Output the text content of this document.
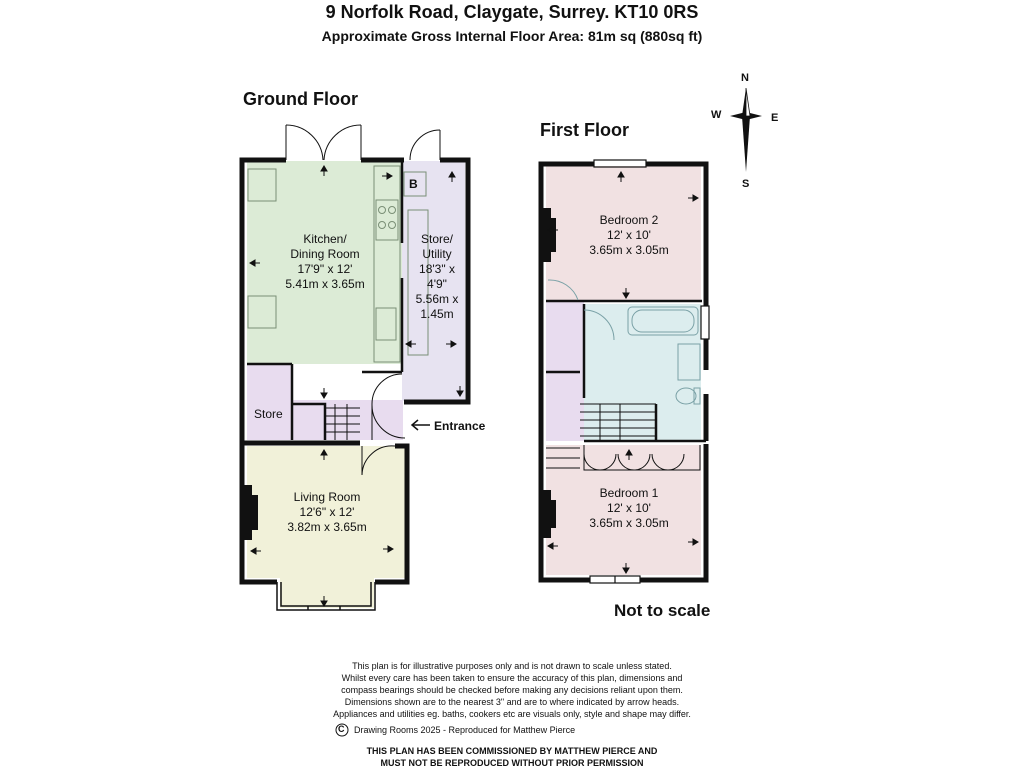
9 Norfolk Road, Claygate, Surrey. KT10 0RS
Approximate Gross Internal Floor Area: 81m sq (880sq ft)
Ground Floor
First Floor
N
S
E
W
Kitchen/
Dining Room
17'9" x 12'
5.41m x 3.65m
Store/
Utility
18'3" x
4'9"
5.56m x
1.45m
B
Store
Living Room
12'6" x 12'
3.82m x 3.65m
Entrance
Bedroom 2
12' x 10'
3.65m x 3.05m
Bedroom 1
12' x 10'
3.65m x 3.05m
Not to scale
This plan is for illustrative purposes only and is not drawn to scale unless stated.
Whilst every care has been taken to ensure the accuracy of this plan, dimensions and
compass bearings should be checked before making any decisions reliant upon them.
Dimensions shown are to the nearest 3" and are to where indicated by arrow heads.
Appliances and utilities eg. baths, cookers etc are visuals only, style and shape may differ.
C Drawing Rooms 2025 - Reproduced for Matthew Pierce
THIS PLAN HAS BEEN COMMISSIONED BY MATTHEW PIERCE AND
MUST NOT BE REPRODUCED WITHOUT PRIOR PERMISSION
